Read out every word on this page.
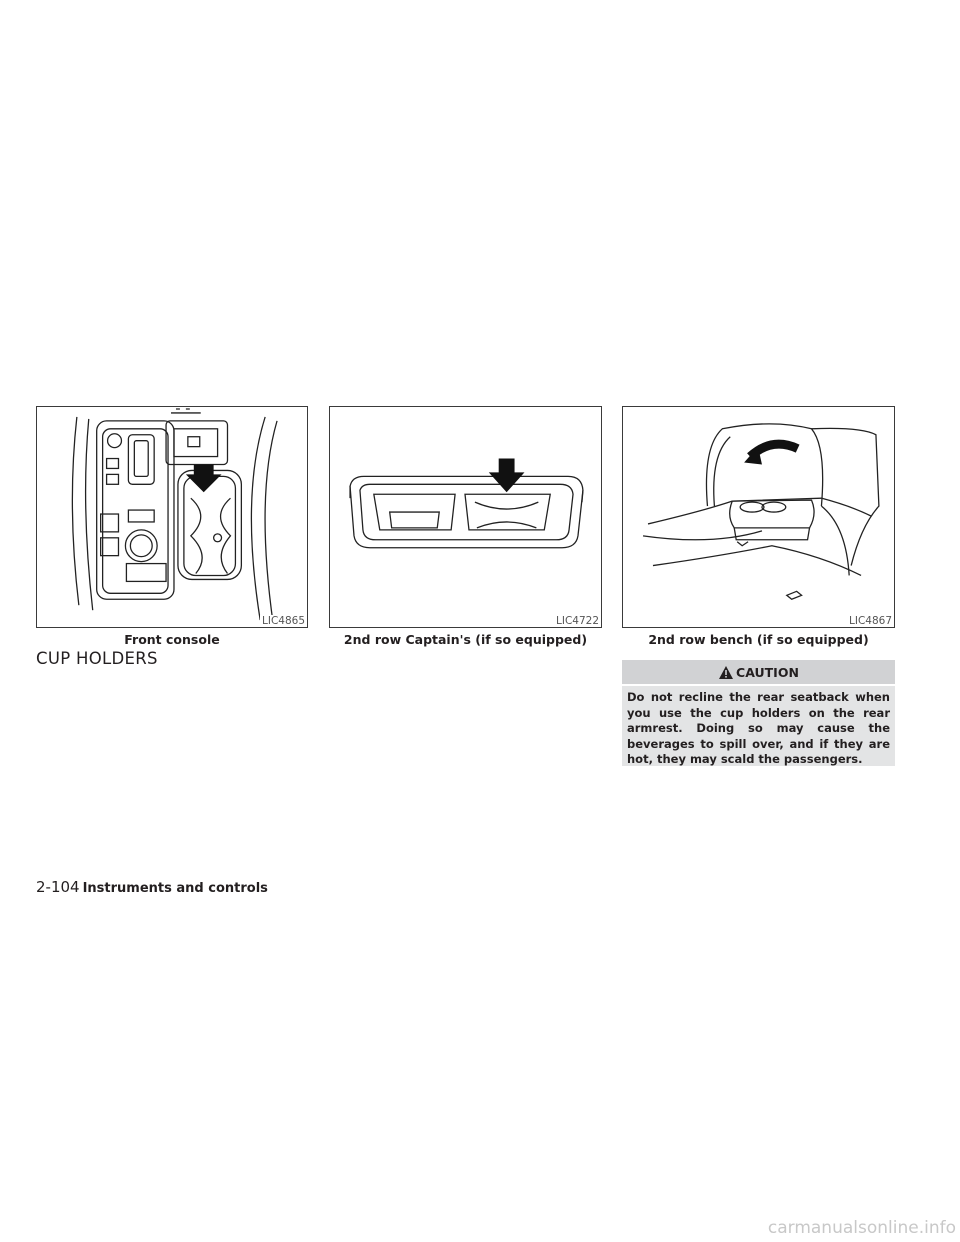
LIC4865
Front console
LIC4722
2nd row Captain's (if so equipped)
LIC4867
2nd row bench (if so equipped)
CUP HOLDERS
CAUTION
Do not recline the rear seatback when you use the cup holders on the rear armrest. Doing so may cause the beverages to spill over, and if they are hot, they may scald the passengers.
2-104 Instruments and controls
carmanualsonline.info
